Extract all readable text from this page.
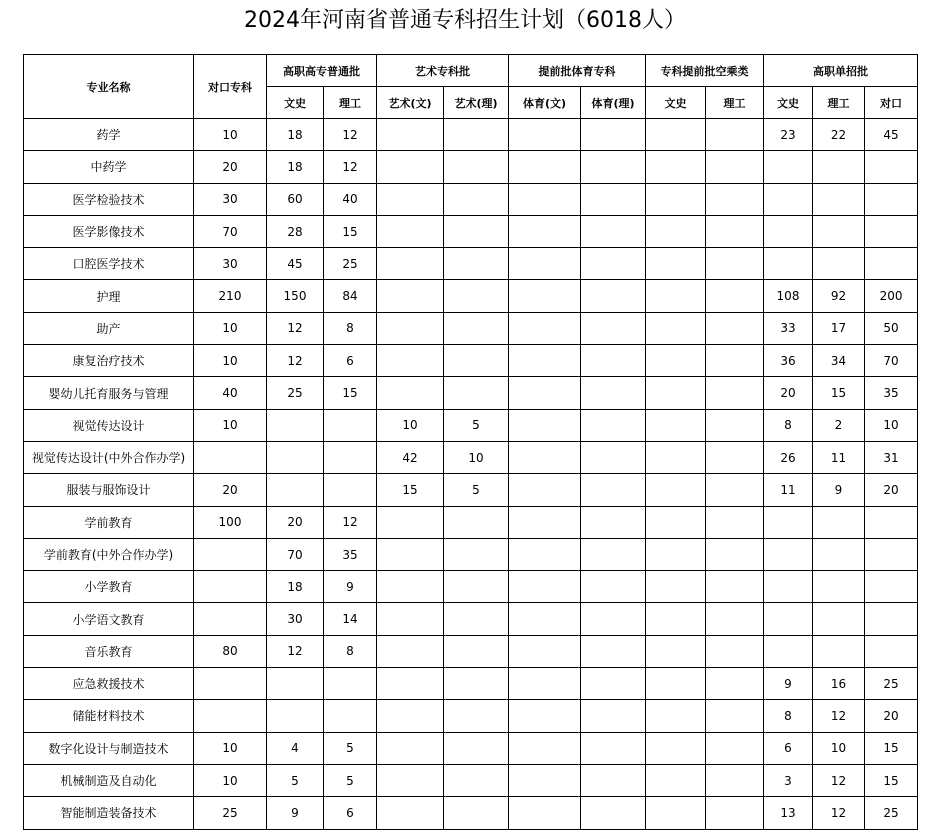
2024年河南省普通专科招生计划（6018人）
专业名称	对口专科	高职高专普通批		艺术专科批		提前批体育专科		专科提前批空乘类		高职单招批		
		文史	理工	艺术(文)	艺术(理)	体育(文)	体育(理)	文史	理工	文史	理工	对口
药学	10	18	12							23	22	45
中药学	20	18	12									
医学检验技术	30	60	40									
医学影像技术	70	28	15									
口腔医学技术	30	45	25									
护理	210	150	84							108	92	200
助产	10	12	8							33	17	50
康复治疗技术	10	12	6							36	34	70
婴幼儿托育服务与管理	40	25	15							20	15	35
视觉传达设计	10			10	5					8	2	10
视觉传达设计(中外合作办学)				42	10					26	11	31
服装与服饰设计	20			15	5					11	9	20
学前教育	100	20	12									
学前教育(中外合作办学)		70	35									
小学教育		18	9									
小学语文教育		30	14									
音乐教育	80	12	8									
应急救援技术										9	16	25
储能材料技术										8	12	20
数字化设计与制造技术	10	4	5							6	10	15
机械制造及自动化	10	5	5							3	12	15
智能制造装备技术	25	9	6							13	12	25
